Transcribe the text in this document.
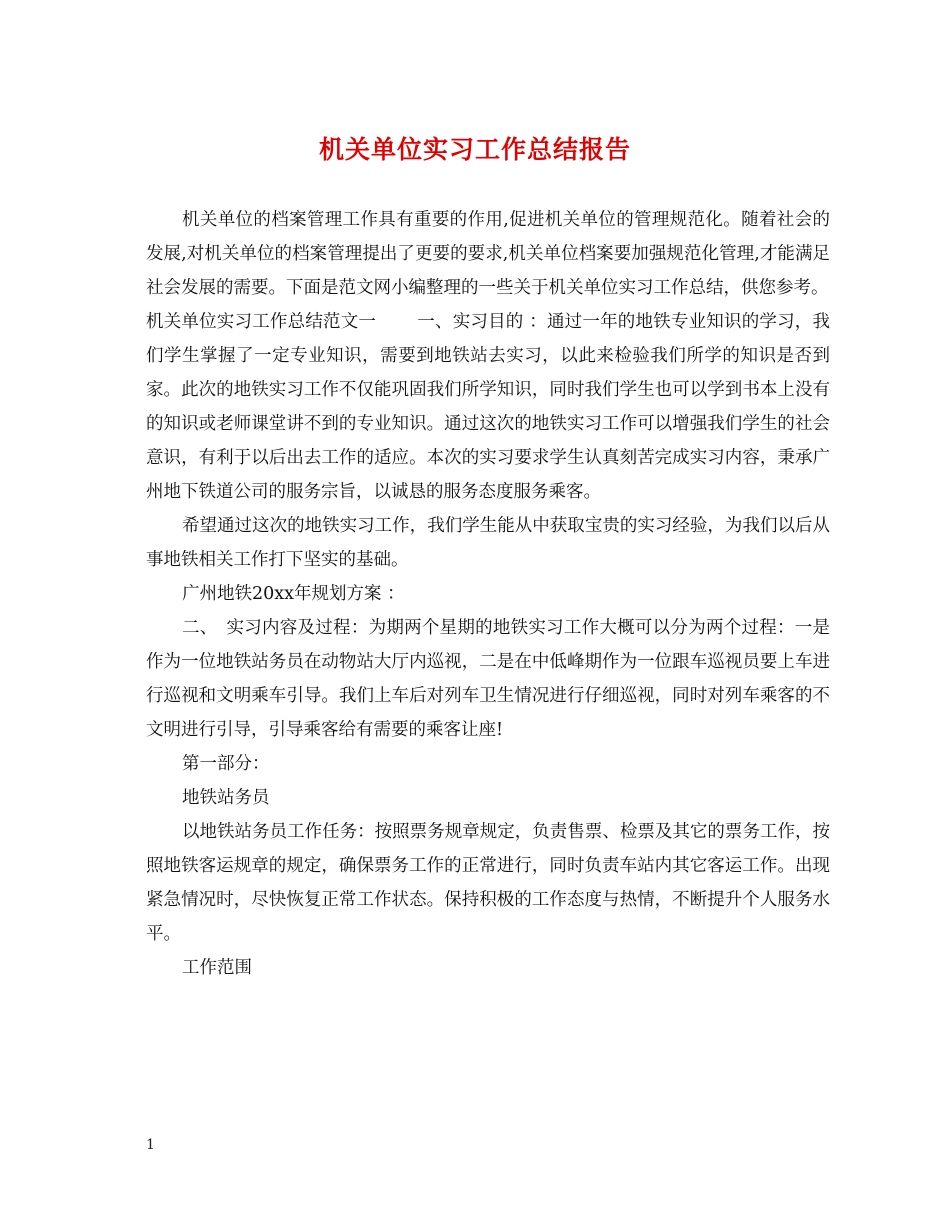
机关单位实习工作总结报告

机关单位的档案管理工作具有重要的作用,促进机关单位的管理规范化。随着社会的发展,对机关单位的档案管理提出了更要的要求,机关单位档案要加强规范化管理,才能满足社会发展的需要。下面是范文网小编整理的一些关于机关单位实习工作总结，供您参考。

机关单位实习工作总结范文一　　 一、实习目的 ：通过一年的地铁专业知识的学习，我们学生掌握了一定专业知识，需要到地铁站去实习，以此来检验我们所学的知识是否到家。此次的地铁实习工作不仅能巩固我们所学知识，同时我们学生也可以学到书本上没有的知识或老师课堂讲不到的专业知识。通过这次的地铁实习工作可以增强我们学生的社会意识，有利于以后出去工作的适应。本次的实习要求学生认真刻苦完成实习内容，秉承广州地下铁道公司的服务宗旨，以诚恳的服务态度服务乘客。

希望通过这次的地铁实习工作，我们学生能从中获取宝贵的实习经验，为我们以后从事地铁相关工作打下坚实的基础。

广州地铁20xx年规划方案 ：

二、　实习内容及过程：为期两个星期的地铁实习工作大概可以分为两个过程：一是作为一位地铁站务员在动物站大厅内巡视，二是在中低峰期作为一位跟车巡视员要上车进行巡视和文明乘车引导。我们上车后对列车卫生情况进行仔细巡视，同时对列车乘客的不文明进行引导，引导乘客给有需要的乘客让座!

第一部分：

地铁站务员

以地铁站务员工作任务：按照票务规章规定，负责售票、检票及其它的票务工作，按照地铁客运规章的规定，确保票务工作的正常进行，同时负责车站内其它客运工作。出现紧急情况时，尽快恢复正常工作状态。保持积极的工作态度与热情，不断提升个人服务水平。

工作范围

1
